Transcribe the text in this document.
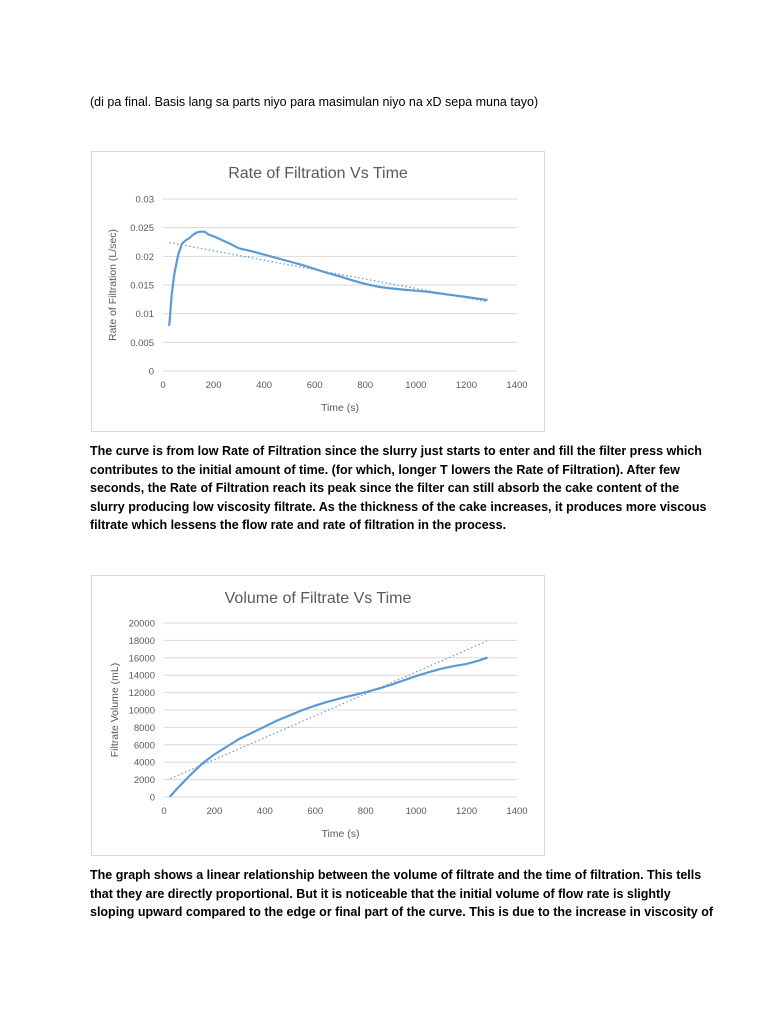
(di pa final. Basis lang sa parts niyo para masimulan niyo na xD sepa muna tayo)
Rate of Filtration Vs Time
0
0.005
0.01
0.015
0.02
0.025
0.03
0	200	400	600	800	1000	1200	1400
Time (s)
Rate of Filtration (L/sec)
The curve is from low Rate of Filtration since the slurry just starts to enter and fill the filter press which
contributes to the initial amount of time. (for which, longer T lowers the Rate of Filtration). After few
seconds, the Rate of Filtration reach its peak since the filter can still absorb the cake content of the
slurry producing low viscosity filtrate. As the thickness of the cake increases, it produces more viscous
filtrate which lessens the flow rate and rate of filtration in the process.
Volume of Filtrate Vs Time
0
2000
4000
6000
8000
10000
12000
14000
16000
18000
20000
0	200	400	600	800	1000	1200	1400
Time (s)
Filtrate Volume (mL)
The graph shows a linear relationship between the volume of filtrate and the time of filtration. This tells
that they are directly proportional. But it is noticeable that the initial volume of flow rate is slightly
sloping upward compared to the edge or final part of the curve. This is due to the increase in viscosity of
